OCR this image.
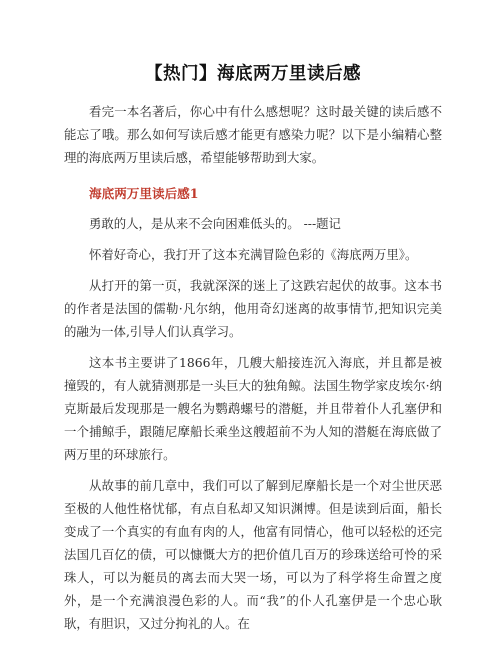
【热门】海底两万里读后感

看完一本名著后，你心中有什么感想呢？这时最关键的读后感不能忘了哦。那么如何写读后感才能更有感染力呢？以下是小编精心整理的海底两万里读后感，希望能够帮助到大家。

海底两万里读后感1

勇敢的人，是从来不会向困难低头的。 ---题记

怀着好奇心，我打开了这本充满冒险色彩的《海底两万里》。

从打开的第一页，我就深深的迷上了这跌宕起伏的故事。这本书的作者是法国的儒勒·凡尔纳，他用奇幻迷离的故事情节,把知识完美的融为一体,引导人们认真学习。

这本书主要讲了1866年，几艘大船接连沉入海底，并且都是被撞毁的，有人就猜测那是一头巨大的独角鲸。法国生物学家皮埃尔·纳克斯最后发现那是一艘名为鹦鹉螺号的潜艇，并且带着仆人孔塞伊和一个捕鲸手，跟随尼摩船长乘坐这艘超前不为人知的潜艇在海底做了两万里的环球旅行。

从故事的前几章中，我们可以了解到尼摩船长是一个对尘世厌恶至极的人他性格忧郁，有点自私却又知识渊博。但是读到后面，船长变成了一个真实的有血有肉的人，他富有同情心，他可以轻松的还完法国几百亿的债，可以慷慨大方的把价值几百万的珍珠送给可怜的采珠人，可以为艇员的离去而大哭一场，可以为了科学将生命置之度外，是一个充满浪漫色彩的人。而“我”的仆人孔塞伊是一个忠心耿耿，有胆识，又过分拘礼的人。在
